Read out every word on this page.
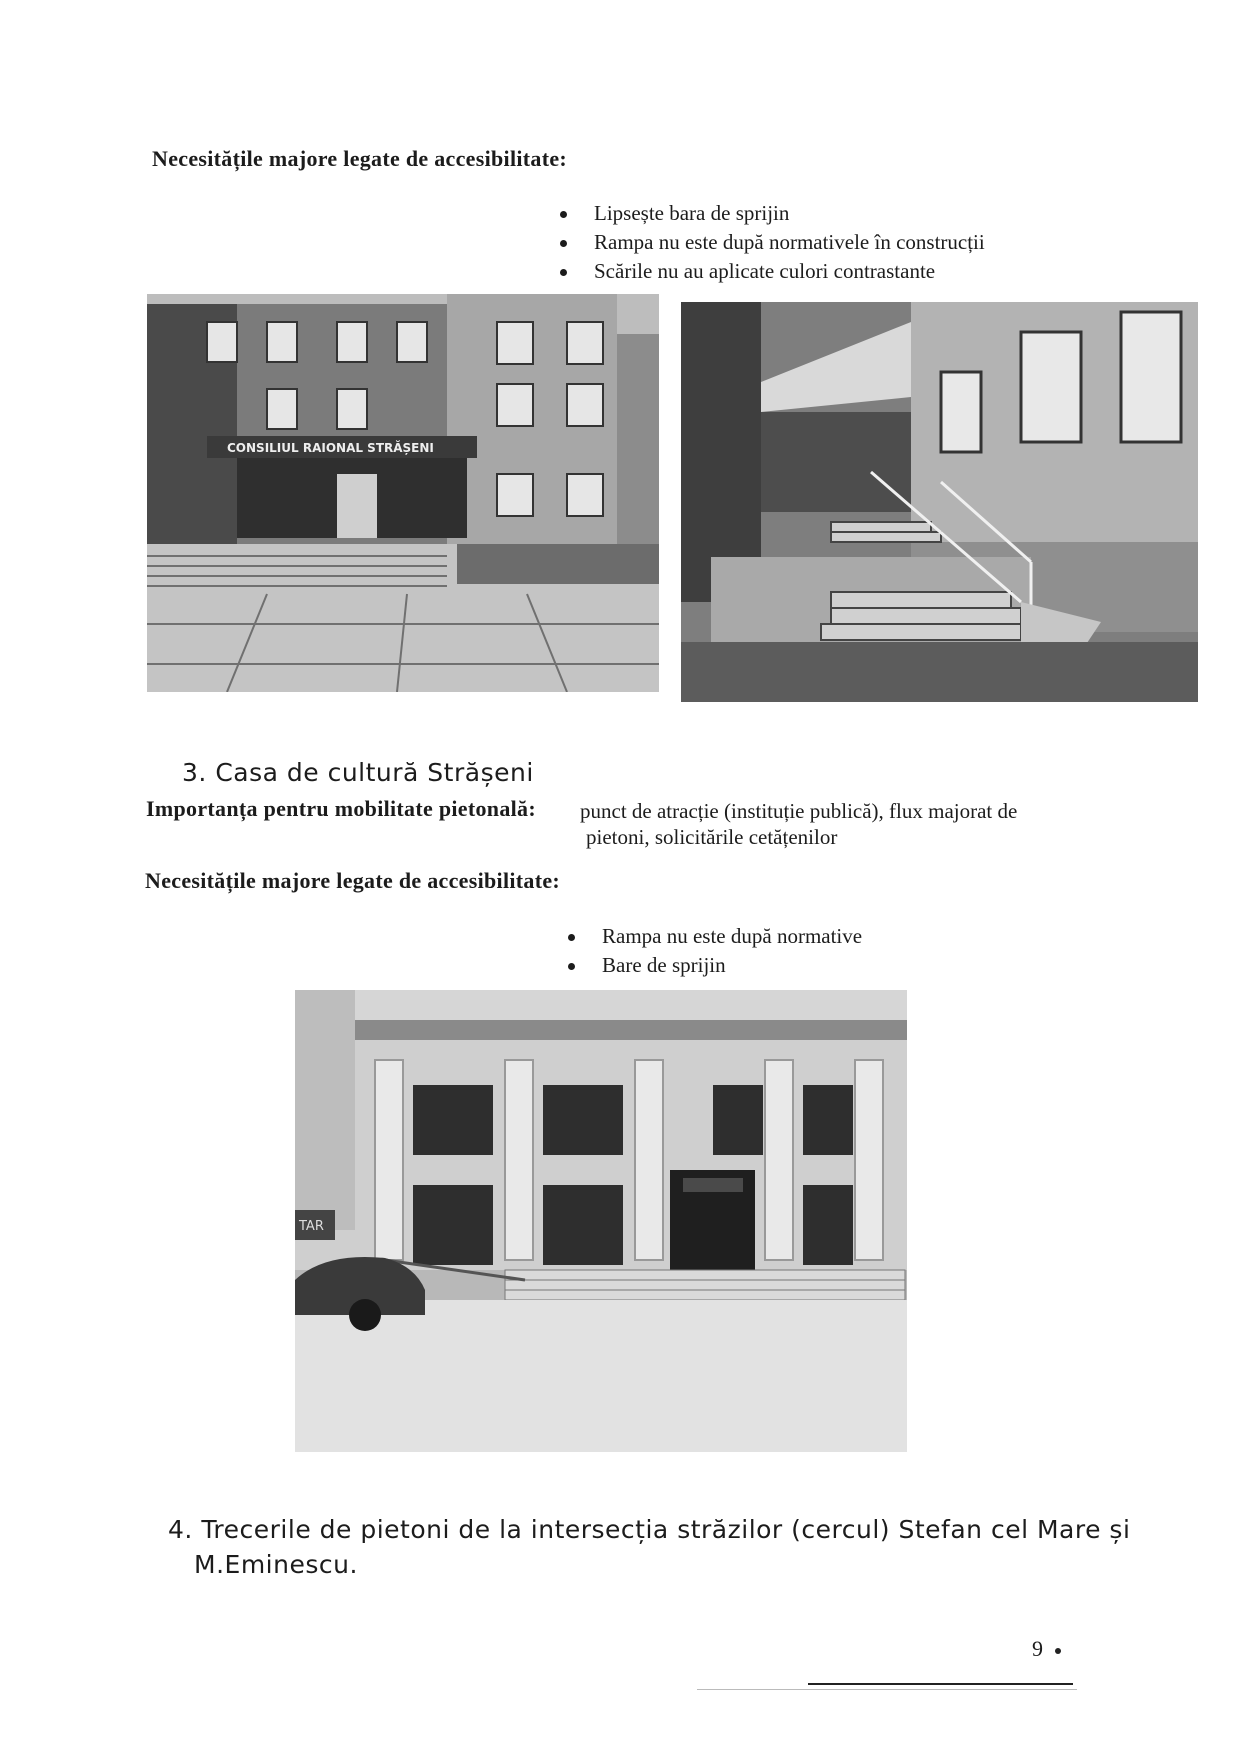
Necesitățile majore legate de accesibilitate:
Lipsește bara de sprijin
Rampa nu este după normativele în construcții
Scările nu au aplicate culori contrastante
CONSILIUL RAIONAL STRĂȘENI
3. Casa de cultură Strășeni
Importanța pentru mobilitate pietonală: punct de atracție (instituție publică), flux majorat de
pietoni, solicitările cetățenilor
Necesitățile majore legate de accesibilitate:
Rampa nu este după normative
Bare de sprijin
TAR
4. Trecerile de pietoni de la intersecția străzilor (cercul) Stefan cel Mare și
M.Eminescu.
9
